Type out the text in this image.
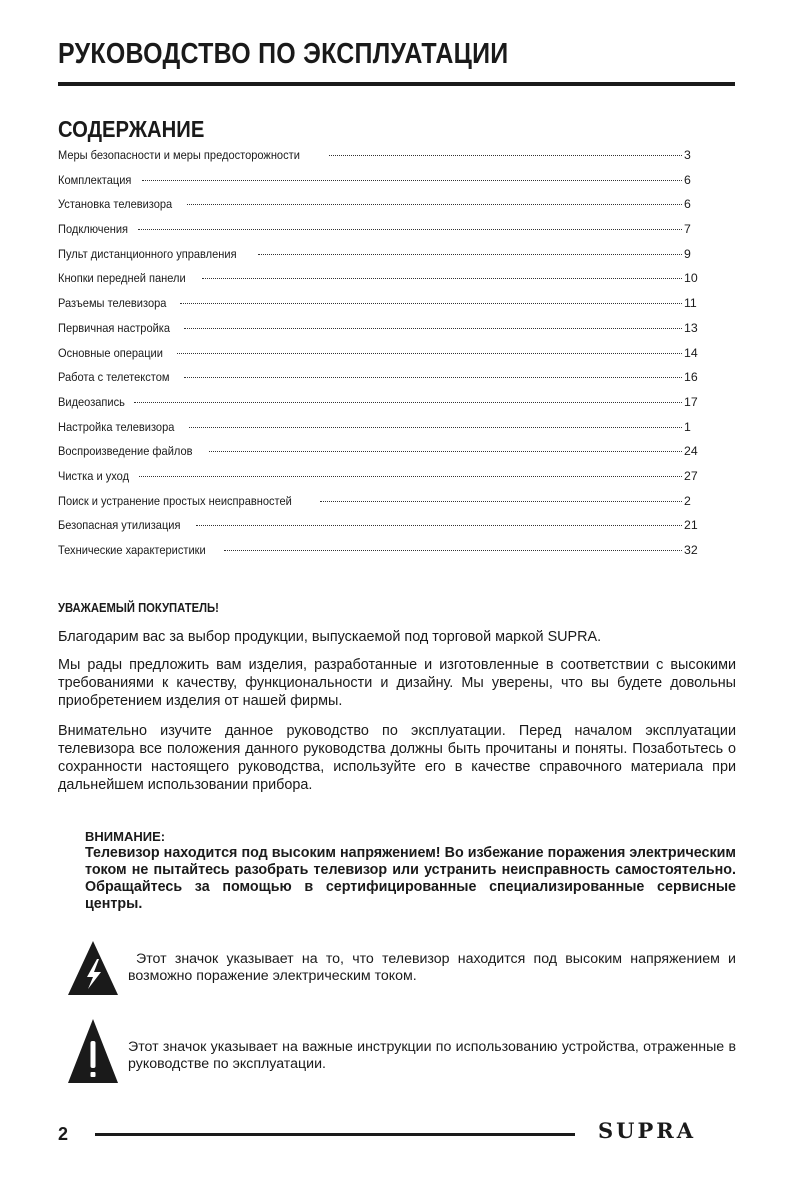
РУКОВОДСТВО ПО ЭКСПЛУАТАЦИИ
СОДЕРЖАНИЕ
Меры безопасности и меры предосторожности	3
Комплектация	6
Установка телевизора	6
Подключения	7
Пульт дистанционного управления	9
Кнопки передней панели	10
Разъемы телевизора	11
Первичная настройка	13
Основные операции	14
Работа с телетекстом	16
Видеозапись	17
Настройка телевизора	1
Воспроизведение файлов	24
Чистка и уход	27
Поиск и устранение простых неисправностей	2
Безопасная утилизация	21
Технические характеристики	32
УВАЖАЕМЫЙ ПОКУПАТЕЛЬ!

Благодарим вас за выбор продукции, выпускаемой под торговой маркой SUPRA.

Мы рады предложить вам изделия, разработанные и изготовленные в соответствии с высокими требованиями к качеству, функциональности и дизайну. Мы уверены, что вы будете довольны приобретением изделия от нашей фирмы.

Внимательно изучите данное руководство по эксплуатации. Перед началом эксплуатации телевизора все положения данного руководства должны быть прочитаны и поняты. Позаботьтесь о сохранности настоящего руководства, используйте его в качестве справочного материала при дальнейшем использовании прибора.

ВНИМАНИЕ:

Телевизор находится под высоким напряжением! Во избежание поражения электрическим током не пытайтесь разобрать телевизор или устранить неисправность самостоятельно. Обращайтесь за помощью в сертифицированные специализированные сервисные центры.

Этот значок указывает на то, что телевизор находится под высоким напряжением и возможно поражение электрическим током.

Этот значок указывает на важные инструкции по использованию устройства, отраженные в руководстве по эксплуатации.

2	SUPRA
